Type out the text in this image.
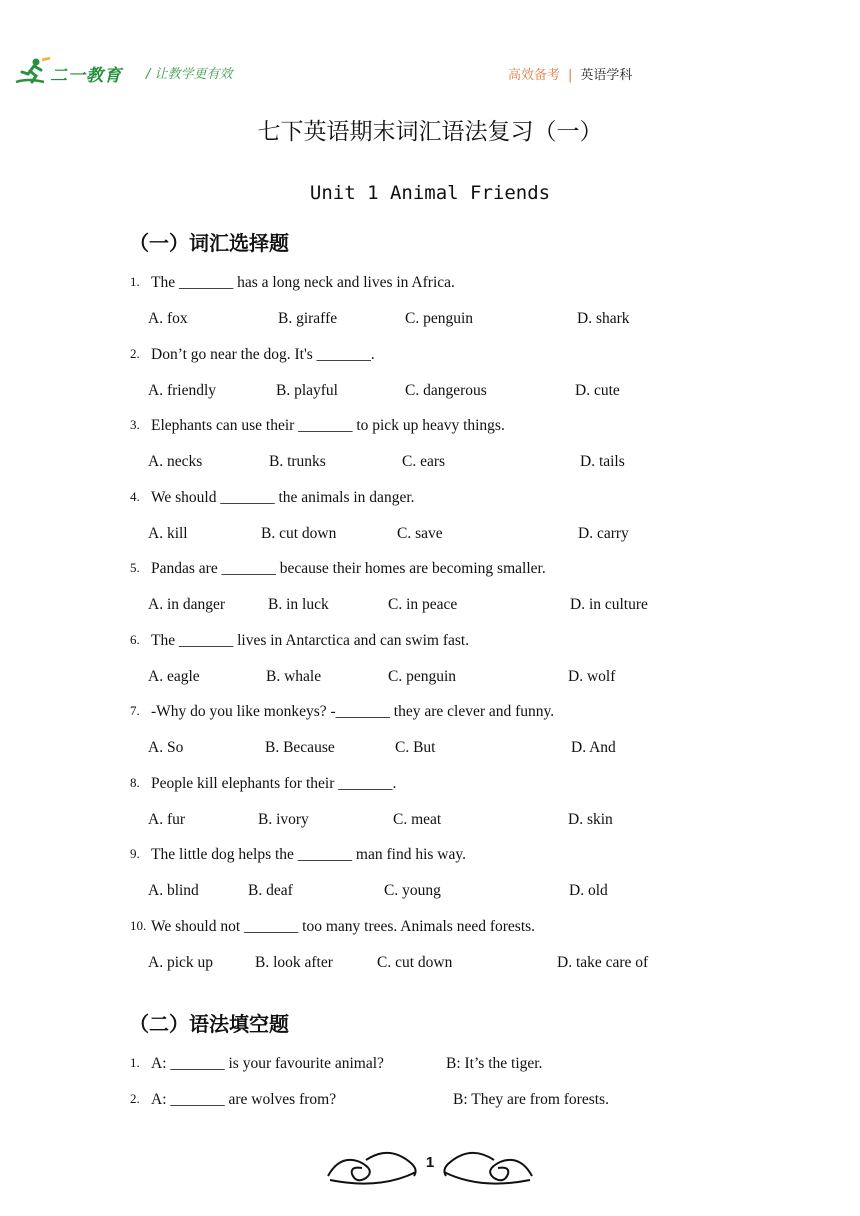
二一教育 / 让教学更有效	高效备考 | 英语学科
七下英语期末词汇语法复习（一）
Unit 1 Animal Friends
（一）词汇选择题
1. The _______ has a long neck and lives in Africa.
A. fox	B. giraffe	C. penguin	D. shark
2. Don’t go near the dog. It's _______.
A. friendly	B. playful	C. dangerous	D. cute
3. Elephants can use their _______ to pick up heavy things.
A. necks	B. trunks	C. ears	D. tails
4. We should _______ the animals in danger.
A. kill	B. cut down	C. save	D. carry
5. Pandas are _______ because their homes are becoming smaller.
A. in danger	B. in luck	C. in peace	D. in culture
6. The _______ lives in Antarctica and can swim fast.
A. eagle	B. whale	C. penguin	D. wolf
7. -Why do you like monkeys? -_______ they are clever and funny.
A. So	B. Because	C. But	D. And
8. People kill elephants for their _______.
A. fur	B. ivory	C. meat	D. skin
9. The little dog helps the _______ man find his way.
A. blind	B. deaf	C. young	D. old
10. We should not _______ too many trees. Animals need forests.
A. pick up	B. look after	C. cut down	D. take care of
（二）语法填空题
1. A: _______ is your favourite animal?	B: It’s the tiger.
2. A: _______ are wolves from?	B: They are from forests.
1
